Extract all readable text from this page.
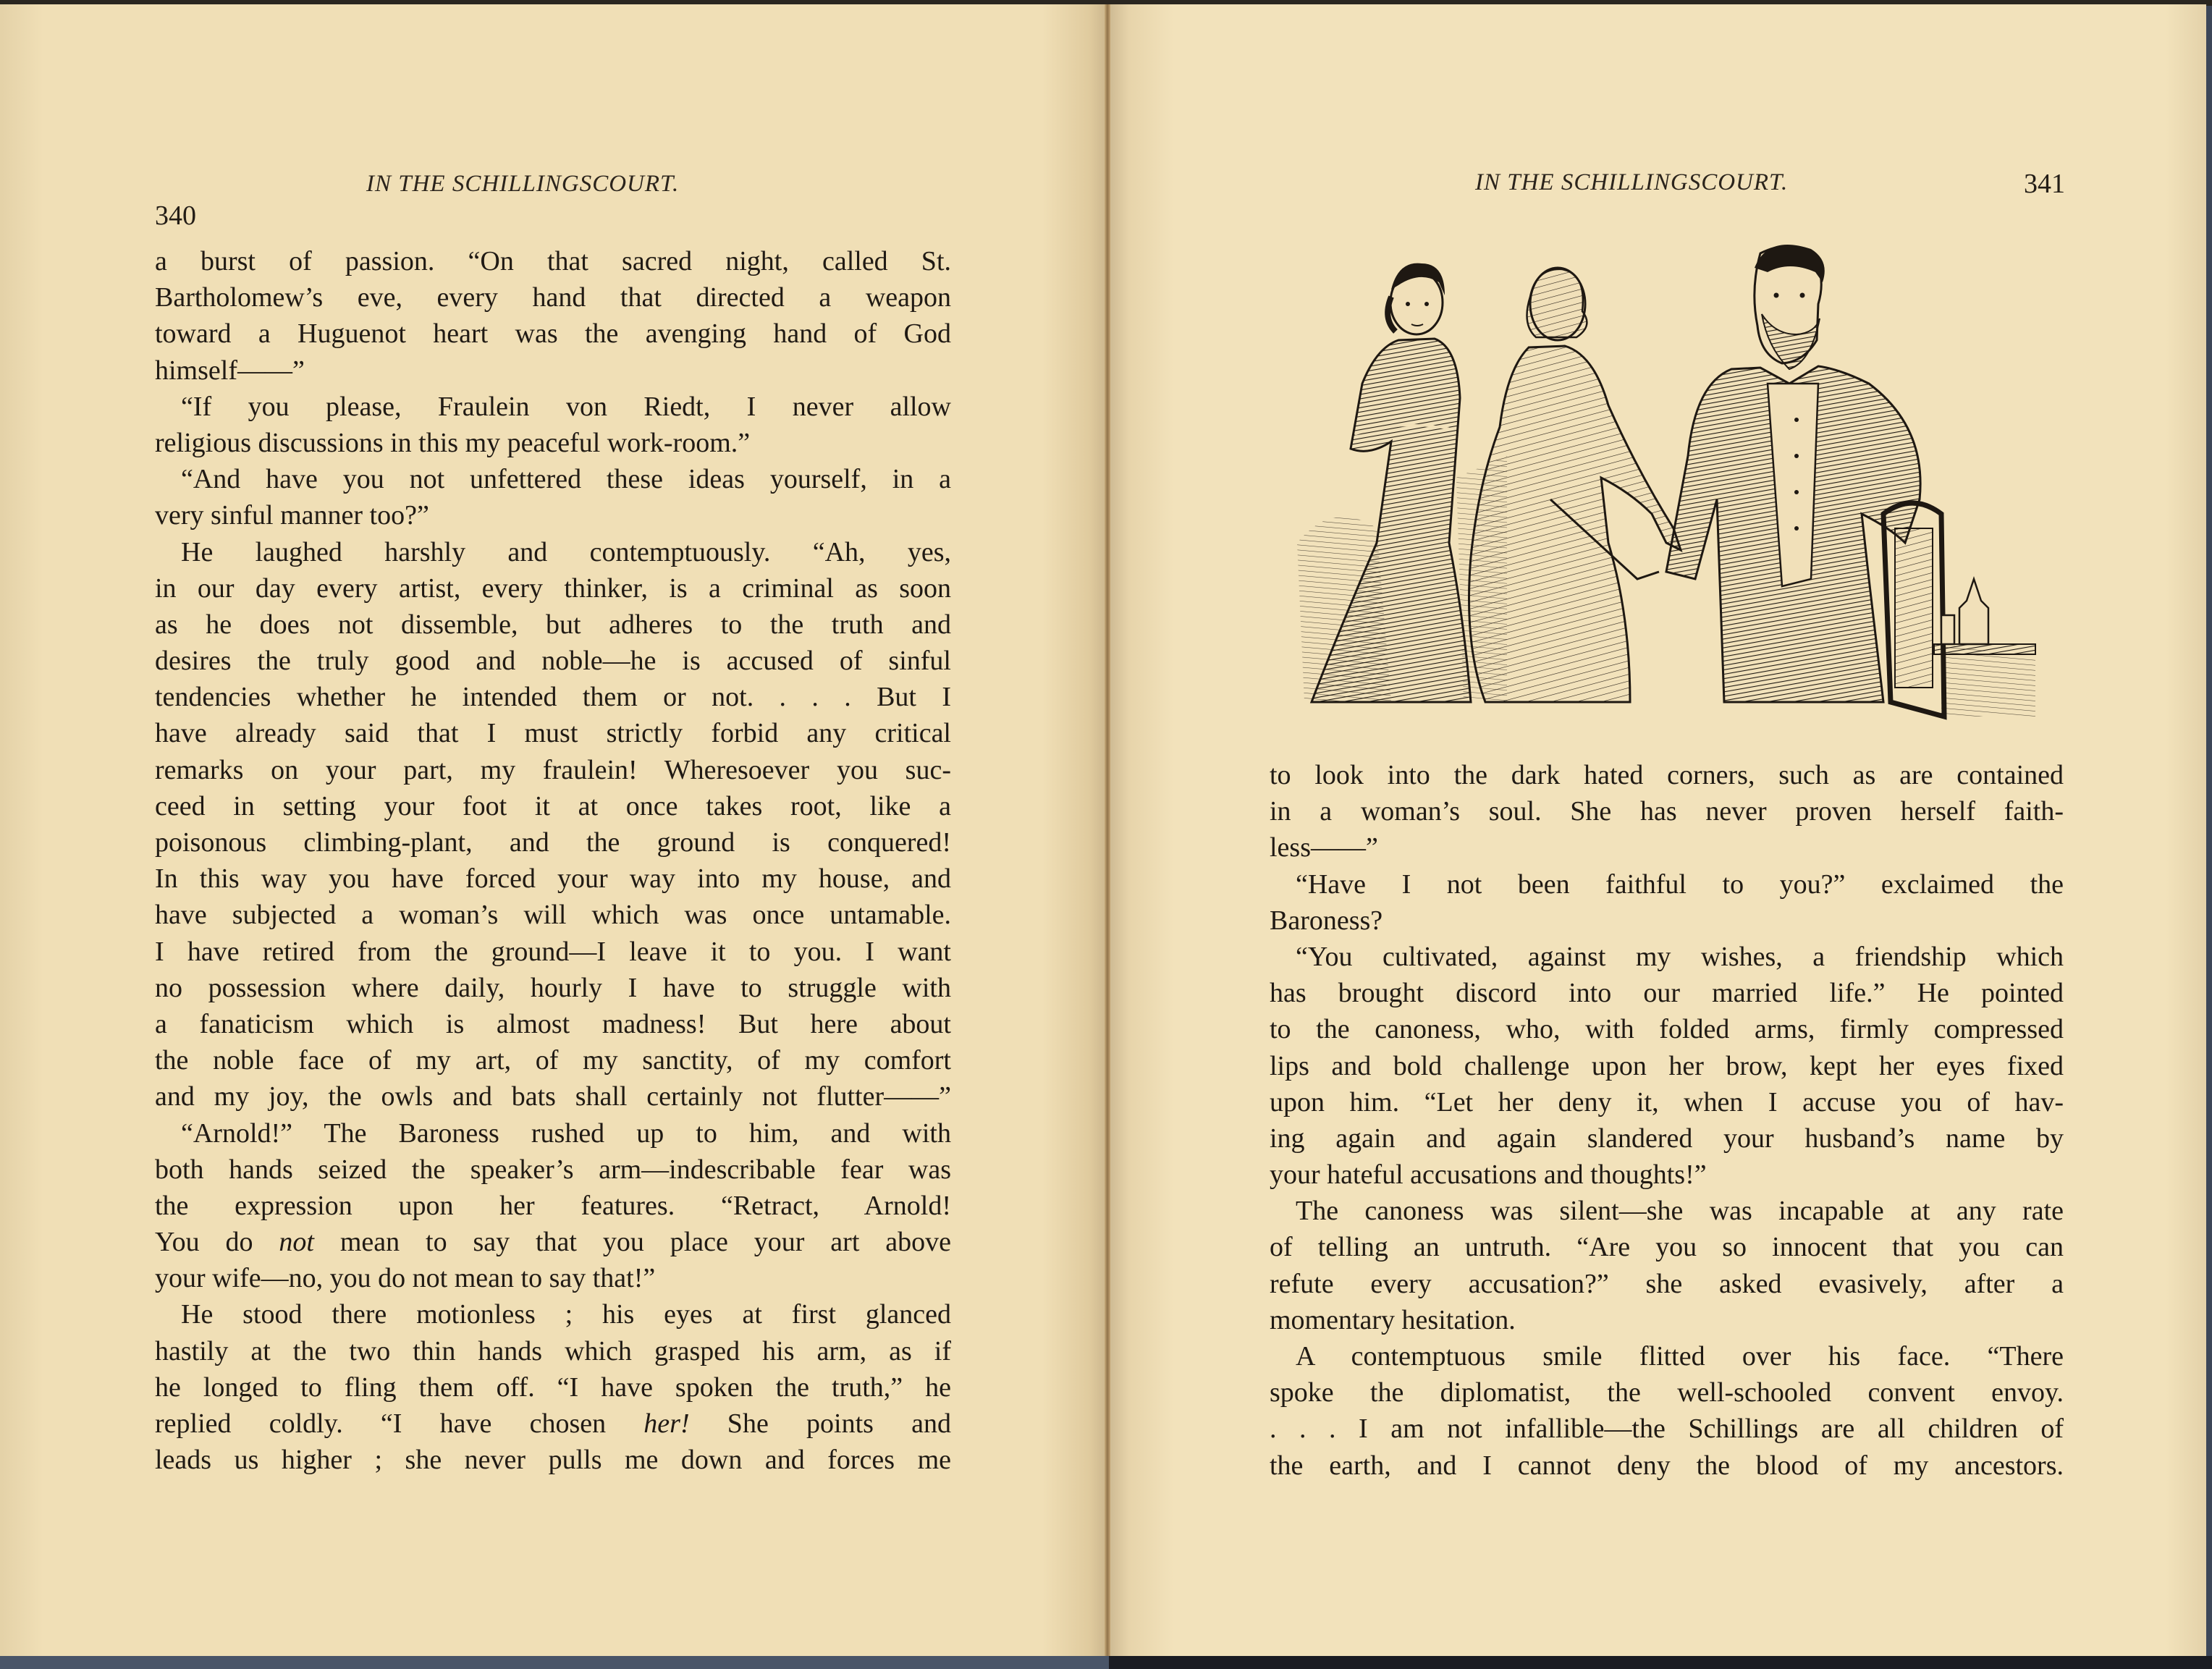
340
IN THE SCHILLINGSCOURT.
a burst of passion. “On that sacred night, called St.
Bartholomew’s eve, every hand that directed a weapon
toward a Huguenot heart was the avenging hand of God
himself——”
“If you please, Fraulein von Riedt, I never allow
religious discussions in this my peaceful work-room.”
“And have you not unfettered these ideas yourself, in a
very sinful manner too?”
He laughed harshly and contemptuously. “Ah, yes,
in our day every artist, every thinker, is a criminal as soon
as he does not dissemble, but adheres to the truth and
desires the truly good and noble—he is accused of sinful
tendencies whether he intended them or not. . . . But I
have already said that I must strictly forbid any critical
remarks on your part, my fraulein! Wheresoever you suc-
ceed in setting your foot it at once takes root, like a
poisonous climbing-plant, and the ground is conquered!
In this way you have forced your way into my house, and
have subjected a woman’s will which was once untamable.
I have retired from the ground—I leave it to you. I want
no possession where daily, hourly I have to struggle with
a fanaticism which is almost madness! But here about
the noble face of my art, of my sanctity, of my comfort
and my joy, the owls and bats shall certainly not flutter——”
“Arnold!” The Baroness rushed up to him, and with
both hands seized the speaker’s arm—indescribable fear was
the expression upon her features. “Retract, Arnold!
You do not mean to say that you place your art above
your wife—no, you do not mean to say that!”
He stood there motionless ; his eyes at first glanced
hastily at the two thin hands which grasped his arm, as if
he longed to fling them off. “I have spoken the truth,” he
replied coldly. “I have chosen her! She points and
leads us higher ; she never pulls me down and forces me
IN THE SCHILLINGSCOURT.	341
to look into the dark hated corners, such as are contained
in a woman’s soul. She has never proven herself faith-
less——”
“Have I not been faithful to you?” exclaimed the
Baroness?
“You cultivated, against my wishes, a friendship which
has brought discord into our married life.” He pointed
to the canoness, who, with folded arms, firmly compressed
lips and bold challenge upon her brow, kept her eyes fixed
upon him. “Let her deny it, when I accuse you of hav-
ing again and again slandered your husband’s name by
your hateful accusations and thoughts!”
The canoness was silent—she was incapable at any rate
of telling an untruth. “Are you so innocent that you can
refute every accusation?” she asked evasively, after a
momentary hesitation.
A contemptuous smile flitted over his face. “There
spoke the diplomatist, the well-schooled convent envoy.
. . . I am not infallible—the Schillings are all children of
the earth, and I cannot deny the blood of my ancestors.
